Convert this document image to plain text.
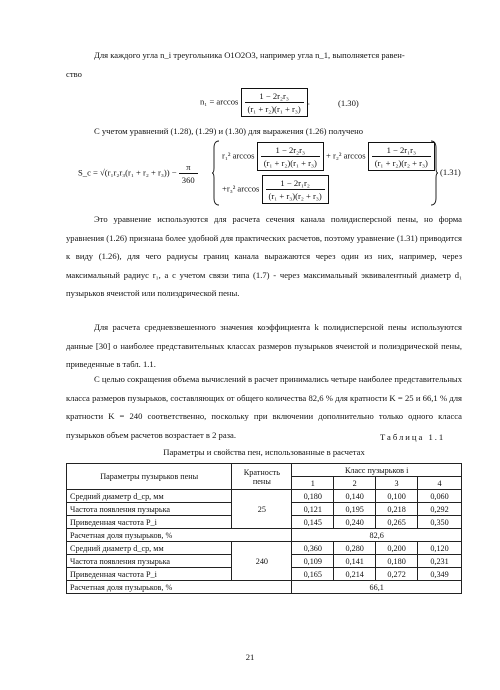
Для каждого угла n_i треугольника O1O2O3, например угла n_1, выполняется равен-
ство
$n_1 = \arccos \frac{\text{1 − 2r₂r₃}}{\text{(r₁ + r₂)(r₁ + r₃)}}$ .	(1.30)
С учетом уравнений (1.28), (1.29) и (1.30) для выражения (1.26) получено
S_c = $√(r_1r_2r_3(r_1 + r_2 + r_3)) - \frac{\pi}{360}$
r₁² $\arccos \frac{\text{1 − 2r₂r₃}}{\text{(r₁ + r₂)(r₁ + r₃)}} + r_2^2$ $\arccos \frac{\text{1 − 2r₁r₃}}{\text{(r₁ + r₂)(r₂ + r₃)}}$
+r₃² $\arccos \frac{\text{1 − 2r₁r₂}}{\text{(r₁ + r₃)(r₂ + r₃)}}$
(1.31)
Это уравнение используются для расчета сечения канала полидисперсной пены, но форма уравнения (1.26) признана более удобной для практических расчетов, поэтому уравнение (1.31) приводится к виду (1.26), для чего радиусы границ канала выражаются через один из них, например, через максимальный радиус r₁, а с учетом связи типа (1.7) - через максимальный эквивалентный диаметр d₁ пузырьков ячеистой или полиэдрической пены.
Для расчета средневзвешенного значения коэффициента k полидисперсной пены используются данные [30] о наиболее представительных классах размеров пузырьков ячеистой и полиэдрической пены, приведенные в табл. 1.1.
С целью сокращения объема вычислений в расчет принимались четыре наиболее представительных класса размеров пузырьков, составляющих от общего количества 82,6 % для кратности K = 25 и 66,1 % для кратности K = 240 соответственно, поскольку при включении дополнительно только одного класса пузырьков объем расчетов возрастает в 2 раза.	Таблица 1.1
Параметры и свойства пен, использованные в расчетах
Параметры пузырьков пены	Кратность пены	Класс пузырьков i			
		1	2	3	4
Средний диаметр d_cp, мм	25	0,180	0,140	0,100	0,060
Частота появления пузырька		0,121	0,195	0,218	0,292
Приведенная частота P_i		0,145	0,240	0,265	0,350
Расчетная доля пузырьков, %		82,6			
Средний диаметр d_cp, мм	240	0,360	0,280	0,200	0,120
Частота появления пузырька		0,109	0,141	0,180	0,231
Приведенная частота P_i		0,165	0,214	0,272	0,349
Расчетная доля пузырьков, %		66,1			
21
